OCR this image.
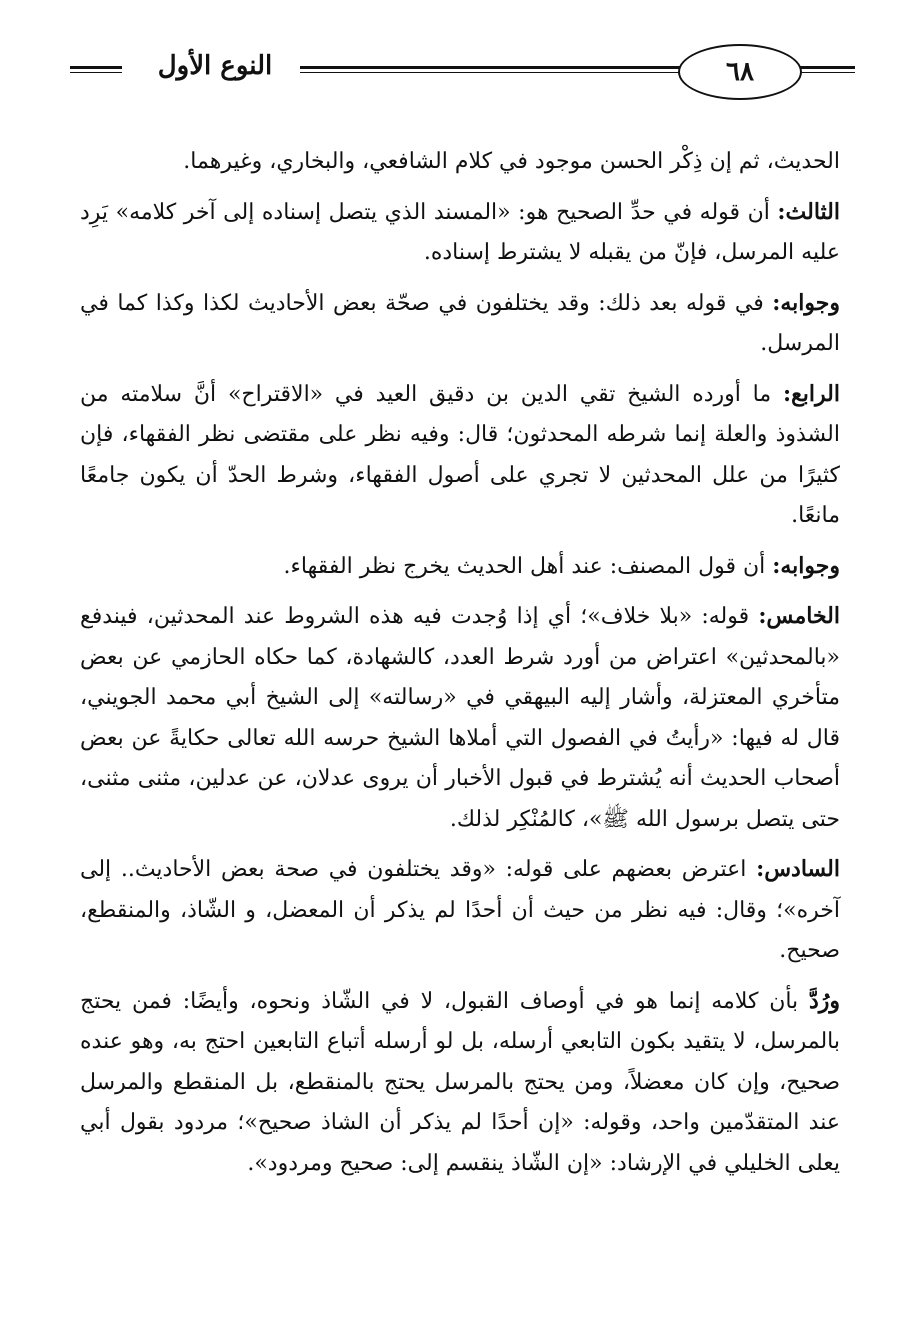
٦٨
النوع الأول

الحديث، ثم إن ذِكْر الحسن موجود في كلام الشافعي، والبخاري، وغيرهما.

الثالث: أن قوله في حدِّ الصحيح هو: «المسند الذي يتصل إسناده إلى آخر كلامه» يَرِد عليه المرسل، فإنّ من يقبله لا يشترط إسناده.

وجوابه: في قوله بعد ذلك: وقد يختلفون في صحّة بعض الأحاديث لكذا وكذا كما في المرسل.

الرابع: ما أورده الشيخ تقي الدين بن دقيق العيد في «الاقتراح» أنَّ سلامته من الشذوذ والعلة إنما شرطه المحدثون؛ قال: وفيه نظر على مقتضى نظر الفقهاء، فإن كثيرًا من علل المحدثين لا تجري على أصول الفقهاء، وشرط الحدّ أن يكون جامعًا مانعًا.

وجوابه: أن قول المصنف: عند أهل الحديث يخرج نظر الفقهاء.

الخامس: قوله: «بلا خلاف»؛ أي إذا وُجدت فيه هذه الشروط عند المحدثين، فيندفع «بالمحدثين» اعتراض من أورد شرط العدد، كالشهادة، كما حكاه الحازمي عن بعض متأخري المعتزلة، وأشار إليه البيهقي في «رسالته» إلى الشيخ أبي محمد الجويني، قال له فيها: «رأيتُ في الفصول التي أملاها الشيخ حرسه الله تعالى حكايةً عن بعض أصحاب الحديث أنه يُشترط في قبول الأخبار أن يروى عدلان، عن عدلين، مثنى مثنى، حتى يتصل برسول الله ﷺ»، كالمُنْكِر لذلك.

السادس: اعترض بعضهم على قوله: «وقد يختلفون في صحة بعض الأحاديث.. إلى آخره»؛ وقال: فيه نظر من حيث أن أحدًا لم يذكر أن المعضل، و الشّاذ، والمنقطع، صحيح.

ورُدَّ بأن كلامه إنما هو في أوصاف القبول، لا في الشّاذ ونحوه، وأيضًا: فمن يحتج بالمرسل، لا يتقيد بكون التابعي أرسله، بل لو أرسله أتباع التابعين احتج به، وهو عنده صحيح، وإن كان معضلاً، ومن يحتج بالمرسل يحتج بالمنقطع، بل المنقطع والمرسل عند المتقدّمين واحد، وقوله: «إن أحدًا لم يذكر أن الشاذ صحيح»؛ مردود بقول أبي يعلى الخليلي في الإرشاد: «إن الشّاذ ينقسم إلى: صحيح ومردود».
